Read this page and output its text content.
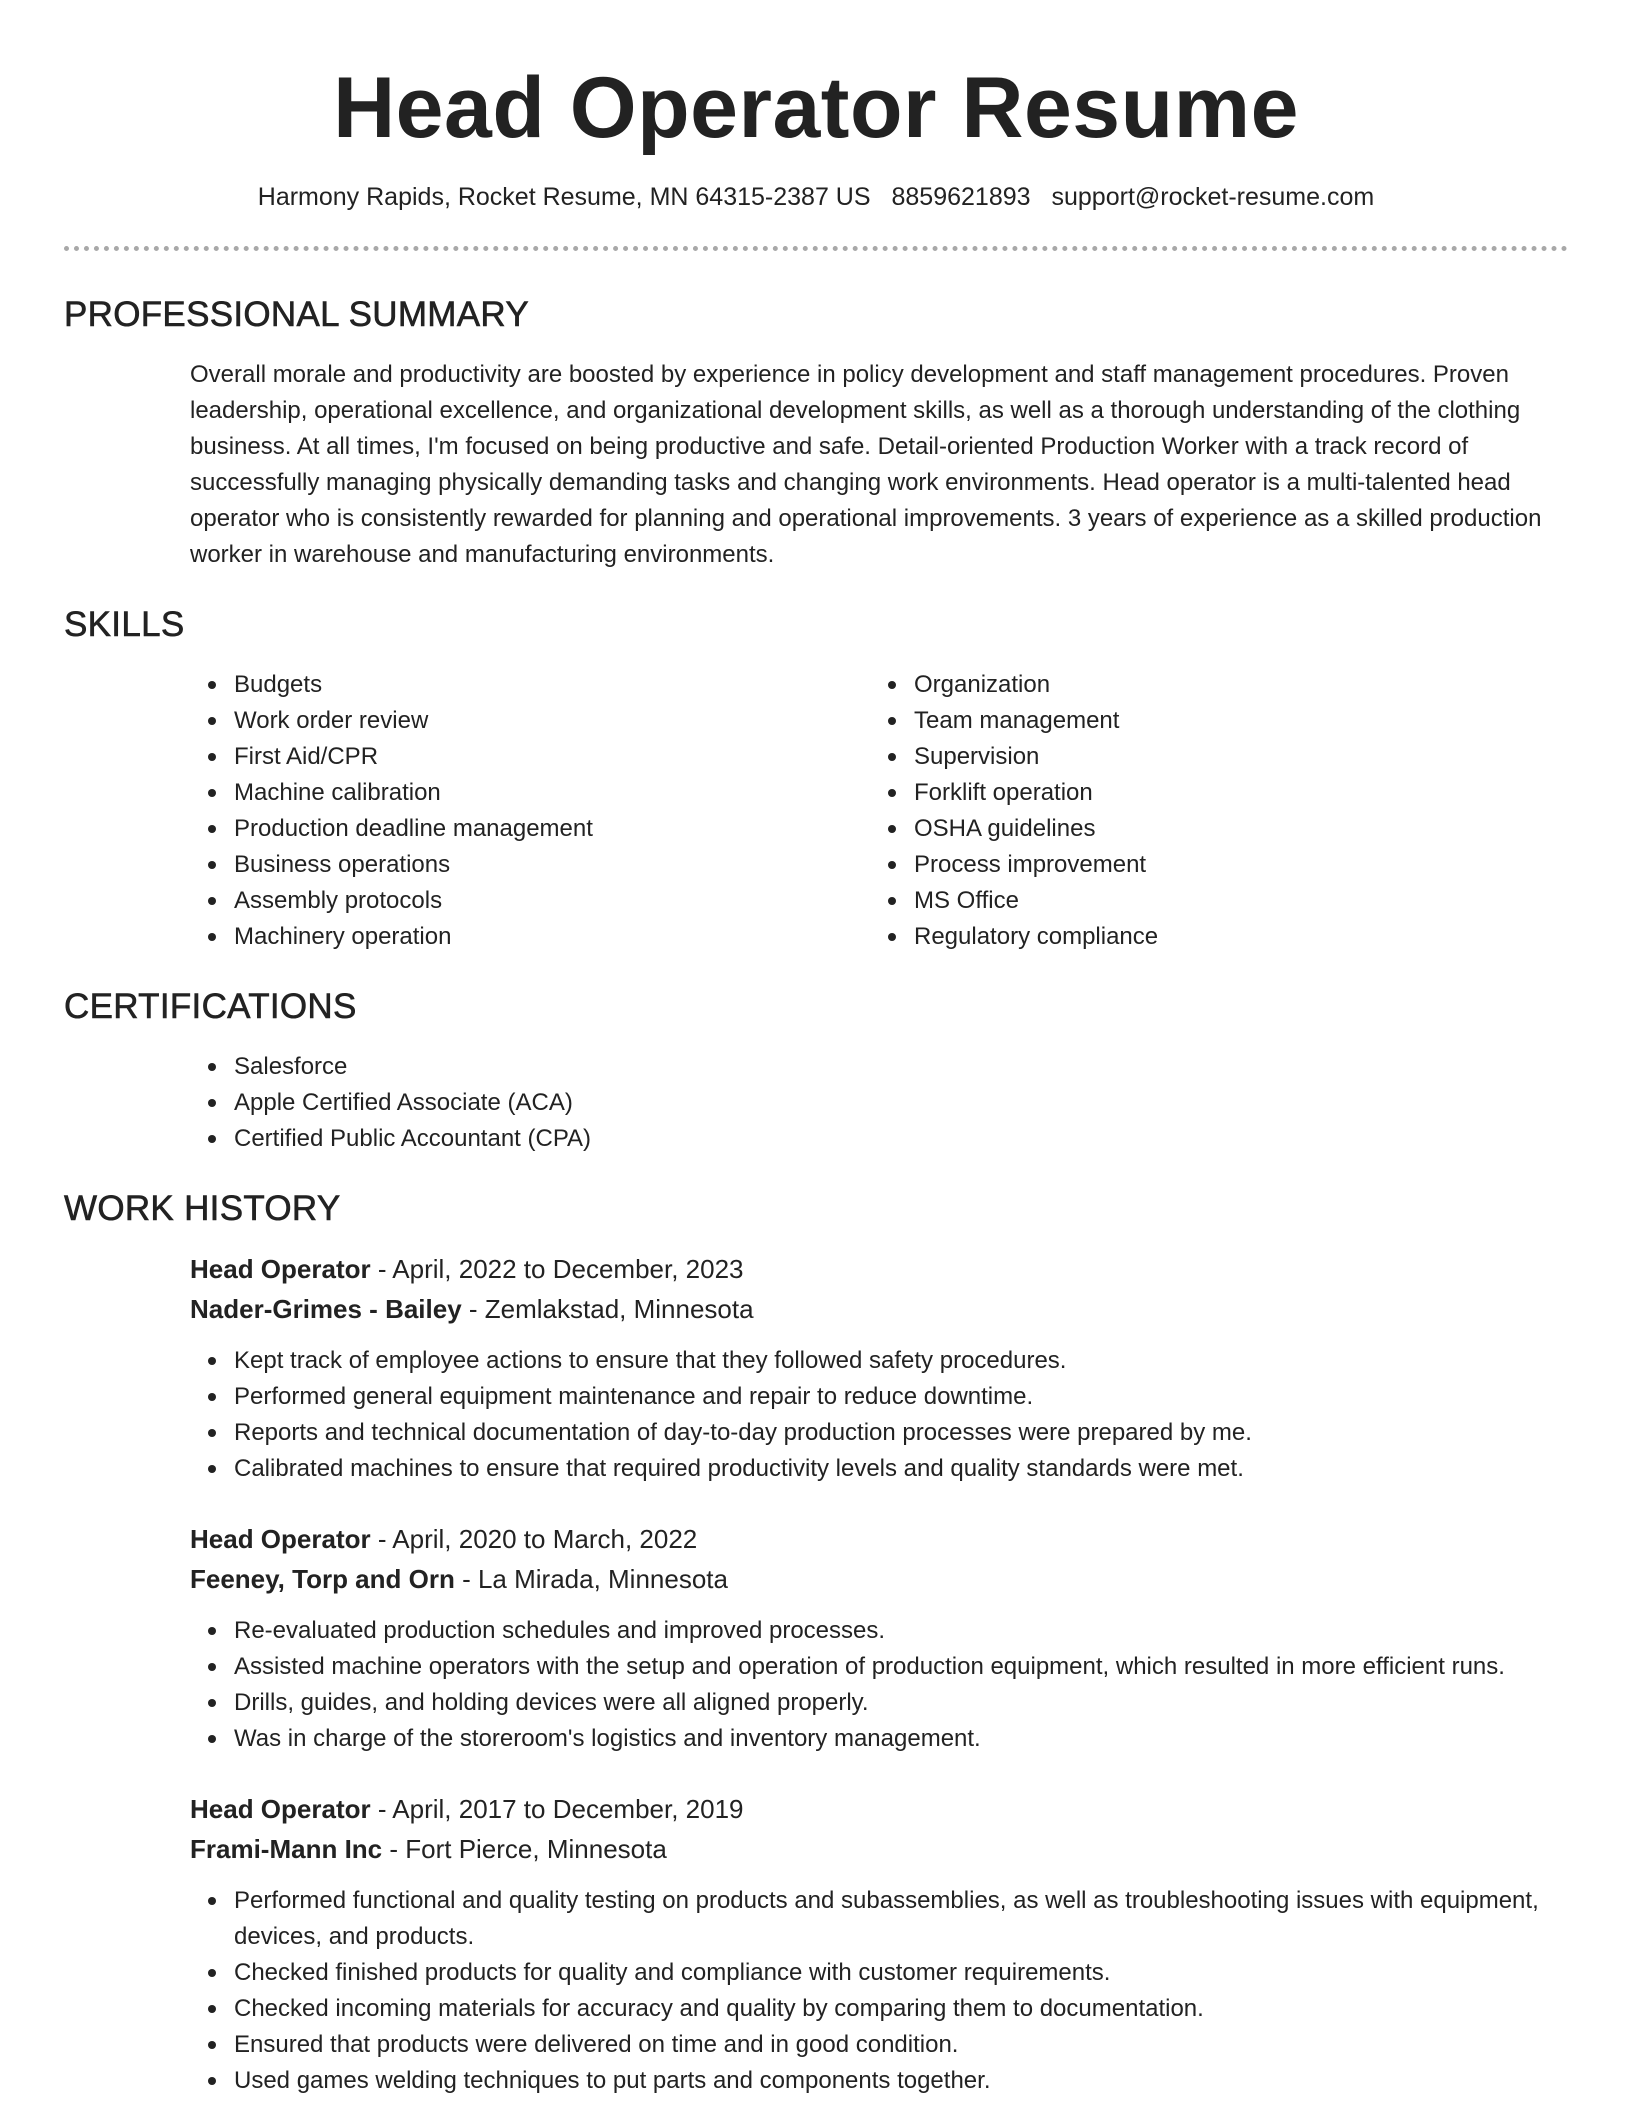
Head Operator Resume
Harmony Rapids, Rocket Resume, MN 64315-2387 US 8859621893 support@rocket-resume.com
PROFESSIONAL SUMMARY

Overall morale and productivity are boosted by experience in policy development and staff management procedures. Proven leadership, operational excellence, and organizational development skills, as well as a thorough understanding of the clothing business. At all times, I'm focused on being productive and safe. Detail-oriented Production Worker with a track record of successfully managing physically demanding tasks and changing work environments. Head operator is a multi-talented head operator who is consistently rewarded for planning and operational improvements. 3 years of experience as a skilled production worker in warehouse and manufacturing environments.

SKILLS
Budgets
Work order review
First Aid/CPR
Machine calibration
Production deadline management
Business operations
Assembly protocols
Machinery operation
Organization
Team management
Supervision
Forklift operation
OSHA guidelines
Process improvement
MS Office
Regulatory compliance
CERTIFICATIONS
Salesforce
Apple Certified Associate (ACA)
Certified Public Accountant (CPA)
WORK HISTORY
Head Operator - April, 2022 to December, 2023
Nader-Grimes - Bailey - Zemlakstad, Minnesota
Kept track of employee actions to ensure that they followed safety procedures.
Performed general equipment maintenance and repair to reduce downtime.
Reports and technical documentation of day-to-day production processes were prepared by me.
Calibrated machines to ensure that required productivity levels and quality standards were met.
Head Operator - April, 2020 to March, 2022
Feeney, Torp and Orn - La Mirada, Minnesota
Re-evaluated production schedules and improved processes.
Assisted machine operators with the setup and operation of production equipment, which resulted in more efficient runs.
Drills, guides, and holding devices were all aligned properly.
Was in charge of the storeroom's logistics and inventory management.
Head Operator - April, 2017 to December, 2019
Frami-Mann Inc - Fort Pierce, Minnesota
Performed functional and quality testing on products and subassemblies, as well as troubleshooting issues with equipment, devices, and products.
Checked finished products for quality and compliance with customer requirements.
Checked incoming materials for accuracy and quality by comparing them to documentation.
Ensured that products were delivered on time and in good condition.
Used games welding techniques to put parts and components together.
